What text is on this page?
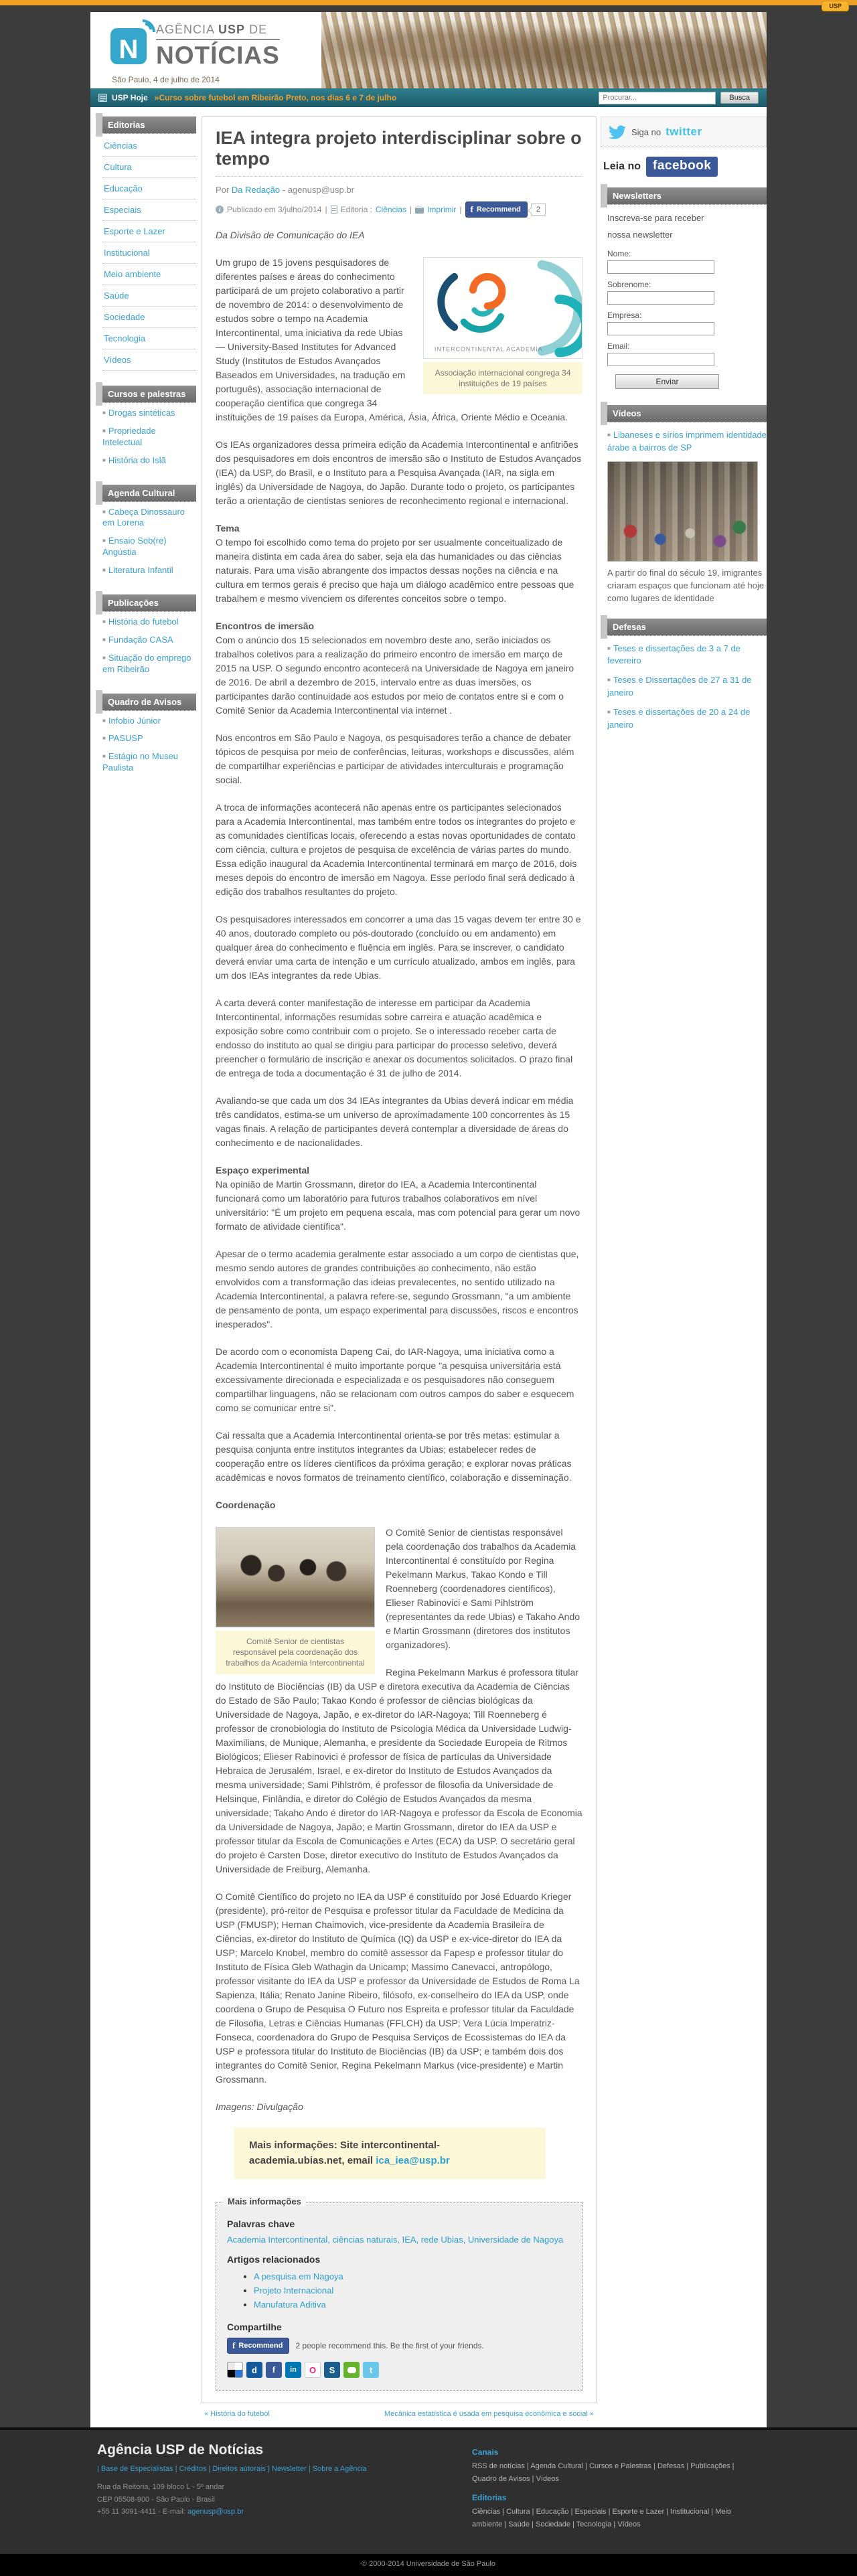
USP
N
AGÊNCIA USP DE
NOTÍCIAS
São Paulo, 4 de julho de 2014
USP Hoje »Curso sobre futebol em Ribeirão Preto, nos dias 6 e 7 de julho
Procurar...	Busca
Editorias
Ciências
Cultura
Educação
Especiais
Esporte e Lazer
Institucional
Meio ambiente
Saúde
Sociedade
Tecnologia
Vídeos
Cursos e palestras
■ Drogas sintéticas
■ Propriedade Intelectual
■ História do Islã
Agenda Cultural
■ Cabeça Dinossauro em Lorena
■ Ensaio Sob(re) Angústia
■ Literatura Infantil
Publicações
■ História do futebol
■ Fundação CASA
■ Situação do emprego em Ribeirão
Quadro de Avisos
■ Infobio Júnior
■ PASUSP
■ Estágio no Museu Paulista
IEA integra projeto interdisciplinar sobre o tempo
Por Da Redação - agenusp@usp.br
i Publicado em 3/julho/2014 | Editoria : Ciências | Imprimir | f Recommend	2

Da Divisão de Comunicação do IEA

INTERCONTINENTAL ACADEMIA
Associação internacional congrega 34 instituições de 19 países

Um grupo de 15 jovens pesquisadores de diferentes países e áreas do conhecimento participará de um projeto colaborativo a partir de novembro de 2014: o desenvolvimento de estudos sobre o tempo na Academia Intercontinental, uma iniciativa da rede Ubias — University-Based Institutes for Advanced Study (Institutos de Estudos Avançados Baseados em Universidades, na tradução em português), associação internacional de cooperação científica que congrega 34 instituições de 19 países da Europa, América, Ásia, África, Oriente Médio e Oceania.

Os IEAs organizadores dessa primeira edição da Academia Intercontinental e anfitriões dos pesquisadores em dois encontros de imersão são o Instituto de Estudos Avançados (IEA) da USP, do Brasil, e o Instituto para a Pesquisa Avançada (IAR, na sigla em inglês) da Universidade de Nagoya, do Japão. Durante todo o projeto, os participantes terão a orientação de cientistas seniores de reconhecimento regional e internacional.

Tema
O tempo foi escolhido como tema do projeto por ser usualmente conceitualizado de maneira distinta em cada área do saber, seja ela das humanidades ou das ciências naturais. Para uma visão abrangente dos impactos dessas noções na ciência e na cultura em termos gerais é preciso que haja um diálogo acadêmico entre pessoas que trabalhem e mesmo vivenciem os diferentes conceitos sobre o tempo.

Encontros de imersão
Com o anúncio dos 15 selecionados em novembro deste ano, serão iniciados os trabalhos coletivos para a realização do primeiro encontro de imersão em março de 2015 na USP. O segundo encontro acontecerá na Universidade de Nagoya em janeiro de 2016. De abril a dezembro de 2015, intervalo entre as duas imersões, os participantes darão continuidade aos estudos por meio de contatos entre si e com o Comitê Senior da Academia Intercontinental via internet .

Nos encontros em São Paulo e Nagoya, os pesquisadores terão a chance de debater tópicos de pesquisa por meio de conferências, leituras, workshops e discussões, além de compartilhar experiências e participar de atividades interculturais e programação social.

A troca de informações acontecerá não apenas entre os participantes selecionados para a Academia Intercontinental, mas também entre todos os integrantes do projeto e as comunidades científicas locais, oferecendo a estas novas oportunidades de contato com ciência, cultura e projetos de pesquisa de excelência de várias partes do mundo. Essa edição inaugural da Academia Intercontinental terminará em março de 2016, dois meses depois do encontro de imersão em Nagoya. Esse período final será dedicado à edição dos trabalhos resultantes do projeto.

Os pesquisadores interessados em concorrer a uma das 15 vagas devem ter entre 30 e 40 anos, doutorado completo ou pós-doutorado (concluído ou em andamento) em qualquer área do conhecimento e fluência em inglês. Para se inscrever, o candidato deverá enviar uma carta de intenção e um currículo atualizado, ambos em inglês, para um dos IEAs integrantes da rede Ubias.

A carta deverá conter manifestação de interesse em participar da Academia Intercontinental, informações resumidas sobre carreira e atuação acadêmica e exposição sobre como contribuir com o projeto. Se o interessado receber carta de endosso do instituto ao qual se dirigiu para participar do processo seletivo, deverá preencher o formulário de inscrição e anexar os documentos solicitados. O prazo final de entrega de toda a documentação é 31 de julho de 2014.

Avaliando-se que cada um dos 34 IEAs integrantes da Ubias deverá indicar em média três candidatos, estima-se um universo de aproximadamente 100 concorrentes às 15 vagas finais. A relação de participantes deverá contemplar a diversidade de áreas do conhecimento e de nacionalidades.

Espaço experimental
Na opinião de Martin Grossmann, diretor do IEA, a Academia Intercontinental funcionará como um laboratório para futuros trabalhos colaborativos em nível universitário: "É um projeto em pequena escala, mas com potencial para gerar um novo formato de atividade científica".

Apesar de o termo academia geralmente estar associado a um corpo de cientistas que, mesmo sendo autores de grandes contribuições ao conhecimento, não estão envolvidos com a transformação das ideias prevalecentes, no sentido utilizado na Academia Intercontinental, a palavra refere-se, segundo Grossmann, "a um ambiente de pensamento de ponta, um espaço experimental para discussões, riscos e encontros inesperados".

De acordo com o economista Dapeng Cai, do IAR-Nagoya, uma iniciativa como a Academia Intercontinental é muito importante porque "a pesquisa universitária está excessivamente direcionada e especializada e os pesquisadores não conseguem compartilhar linguagens, não se relacionam com outros campos do saber e esquecem como se comunicar entre si".

Cai ressalta que a Academia Intercontinental orienta-se por três metas: estimular a pesquisa conjunta entre institutos integrantes da Ubias; estabelecer redes de cooperação entre os líderes científicos da próxima geração; e explorar novas práticas acadêmicas e novos formatos de treinamento científico, colaboração e disseminação.

Coordenação

Comitê Senior de cientistas responsável pela coordenação dos trabalhos da Academia Intercontinental

O Comitê Senior de cientistas responsável pela coordenação dos trabalhos da Academia Intercontinental é constituído por Regina Pekelmann Markus, Takao Kondo e Till Roenneberg (coordenadores científicos), Elieser Rabinovici e Sami Pihlström (representantes da rede Ubias) e Takaho Ando e Martin Grossmann (diretores dos institutos organizadores).

Regina Pekelmann Markus é professora titular do Instituto de Biociências (IB) da USP e diretora executiva da Academia de Ciências do Estado de São Paulo; Takao Kondo é professor de ciências biológicas da Universidade de Nagoya, Japão, e ex-diretor do IAR-Nagoya; Till Roenneberg é professor de cronobiologia do Instituto de Psicologia Médica da Universidade Ludwig-Maximilians, de Munique, Alemanha, e presidente da Sociedade Europeia de Ritmos Biológicos; Elieser Rabinovici é professor de física de partículas da Universidade Hebraica de Jerusalém, Israel, e ex-diretor do Instituto de Estudos Avançados da mesma universidade; Sami Pihlström, é professor de filosofia da Universidade de Helsinque, Finlândia, e diretor do Colégio de Estudos Avançados da mesma universidade; Takaho Ando é diretor do IAR-Nagoya e professor da Escola de Economia da Universidade de Nagoya, Japão; e Martin Grossmann, diretor do IEA da USP e professor titular da Escola de Comunicações e Artes (ECA) da USP. O secretário geral do projeto é Carsten Dose, diretor executivo do Instituto de Estudos Avançados da Universidade de Freiburg, Alemanha.

O Comitê Científico do projeto no IEA da USP é constituído por José Eduardo Krieger (presidente), pró-reitor de Pesquisa e professor titular da Faculdade de Medicina da USP (FMUSP); Hernan Chaimovich, vice-presidente da Academia Brasileira de Ciências, ex-diretor do Instituto de Química (IQ) da USP e ex-vice-diretor do IEA da USP; Marcelo Knobel, membro do comitê assessor da Fapesp e professor titular do Instituto de Física Gleb Wathagin da Unicamp; Massimo Canevacci, antropólogo, professor visitante do IEA da USP e professor da Universidade de Estudos de Roma La Sapienza, Itália; Renato Janine Ribeiro, filósofo, ex-conselheiro do IEA da USP, onde coordena o Grupo de Pesquisa O Futuro nos Espreita e professor titular da Faculdade de Filosofia, Letras e Ciências Humanas (FFLCH) da USP; Vera Lúcia Imperatriz-Fonseca, coordenadora do Grupo de Pesquisa Serviços de Ecossistemas do IEA da USP e professora titular do Instituto de Biociências (IB) da USP; e também dois dos integrantes do Comitê Senior, Regina Pekelmann Markus (vice-presidente) e Martin Grossmann.

Imagens: Divulgação

Mais informações: Site intercontinental-academia.ubias.net, email ica_iea@usp.br
Mais informações
Palavras chave
Academia Intercontinental, ciências naturais, IEA, rede Ubias, Universidade de Nagoya
Artigos relacionados
• A pesquisa em Nagoya
• Projeto Internacional
• Manufatura Aditiva
Compartilhe
f Recommend 2 people recommend this. Be the first of your friends.
d	f	in	O	S	t
« História do futebol	Mecânica estatística é usada em pesquisa econômica e social »
Siga no twitter
Leia no facebook
Newsletters
Inscreva-se para receber
nossa newsletter
Nome:
Sobrenome:
Empresa:
Email:

Enviar
Vídeos
■ Libaneses e sírios imprimem identidade árabe a bairros de SP
A partir do final do século 19, imigrantes criaram espaços que funcionam até hoje como lugares de identidade
Defesas
■ Teses e dissertações de 3 a 7 de fevereiro
■ Teses e Dissertações de 27 a 31 de janeiro
■ Teses e dissertações de 20 a 24 de janeiro
Agência USP de Notícias
| Base de Especialistas | Créditos | Direitos autorais | Newsletter | Sobre a Agência
Rua da Reitoria, 109 bloco L - 5º andar
CEP 05508-900 - São Paulo - Brasil
+55 11 3091-4411 - E-mail: agenusp@usp.br
Canais
RSS de notícias | Agenda Cultural | Cursos e Palestras | Defesas | Publicações | Quadro de Avisos | Vídeos
Editorias
Ciências | Cultura | Educação | Especiais | Esporte e Lazer | Institucional | Meio ambiente | Saúde | Sociedade | Tecnologia | Vídeos
© 2000-2014 Universidade de São Paulo
